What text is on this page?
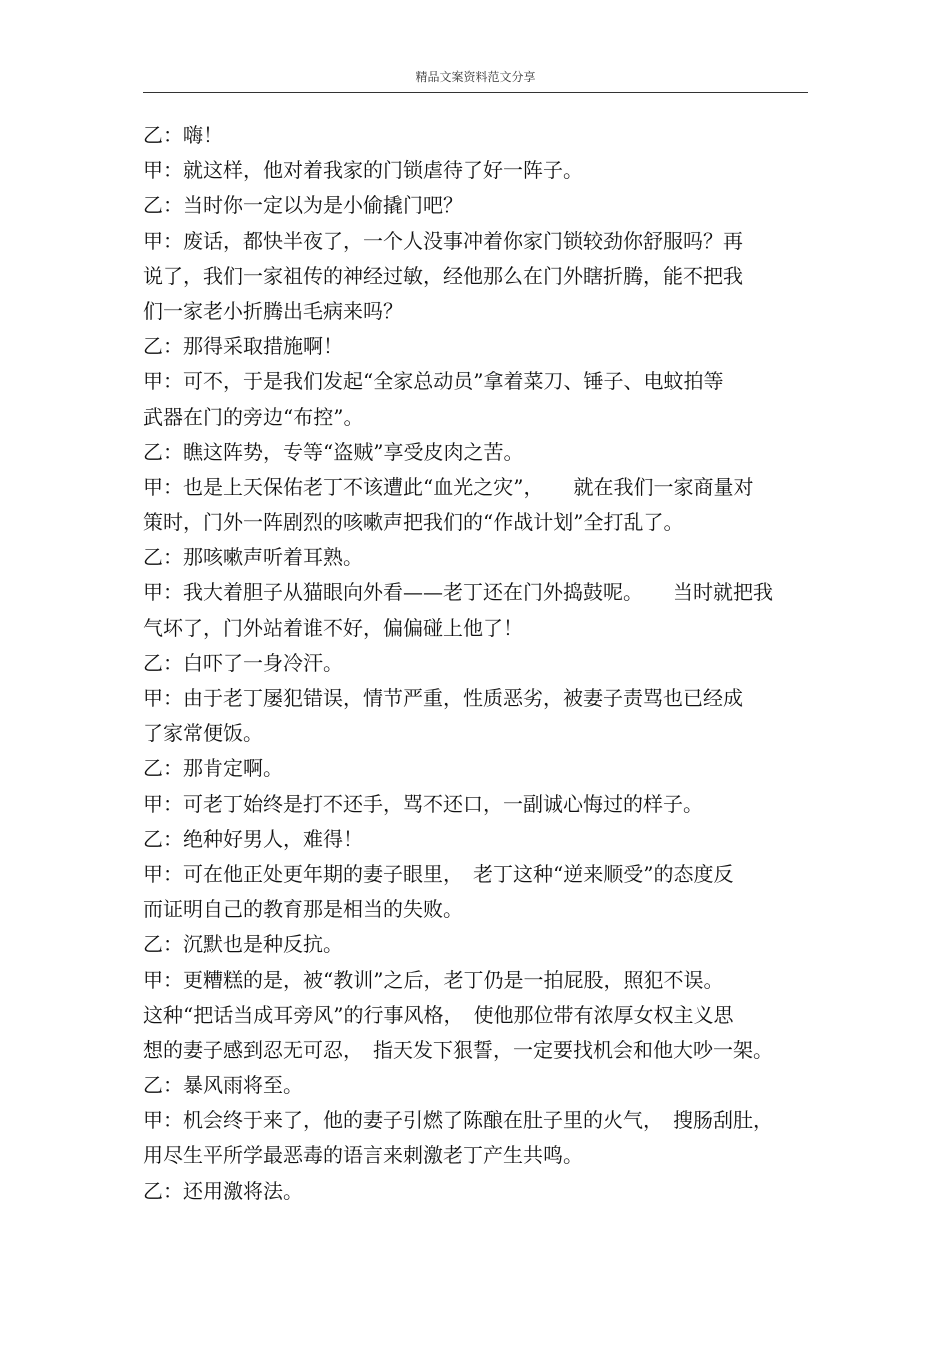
精品文案资料范文分享
乙：嗨！
甲：就这样，他对着我家的门锁虐待了好一阵子。
乙：当时你一定以为是小偷撬门吧？
甲：废话，都快半夜了，一个人没事冲着你家门锁较劲你舒服吗？再
说了，我们一家祖传的神经过敏，经他那么在门外瞎折腾，能不把我
们一家老小折腾出毛病来吗？
乙：那得采取措施啊！
甲：可不，于是我们发起“全家总动员”拿着菜刀、锤子、电蚊拍等
武器在门的旁边“布控”。
乙：瞧这阵势，专等“盗贼”享受皮肉之苦。
甲：也是上天保佑老丁不该遭此“血光之灾”，　　就在我们一家商量对
策时，门外一阵剧烈的咳嗽声把我们的“作战计划”全打乱了。
乙：那咳嗽声听着耳熟。
甲：我大着胆子从猫眼向外看——老丁还在门外捣鼓呢。　　当时就把我
气坏了，门外站着谁不好，偏偏碰上他了！
乙：白吓了一身冷汗。
甲：由于老丁屡犯错误，情节严重，性质恶劣，被妻子责骂也已经成
了家常便饭。
乙：那肯定啊。
甲：可老丁始终是打不还手，骂不还口，一副诚心悔过的样子。
乙：绝种好男人，难得！
甲：可在他正处更年期的妻子眼里，　老丁这种“逆来顺受”的态度反
而证明自己的教育那是相当的失败。
乙：沉默也是种反抗。
甲：更糟糕的是，被“教训”之后，老丁仍是一拍屁股，照犯不误。
这种“把话当成耳旁风”的行事风格，　使他那位带有浓厚女权主义思
想的妻子感到忍无可忍，　指天发下狠誓，一定要找机会和他大吵一架。
乙：暴风雨将至。
甲：机会终于来了，他的妻子引燃了陈酿在肚子里的火气，　搜肠刮肚，
用尽生平所学最恶毒的语言来刺激老丁产生共鸣。
乙：还用激将法。
